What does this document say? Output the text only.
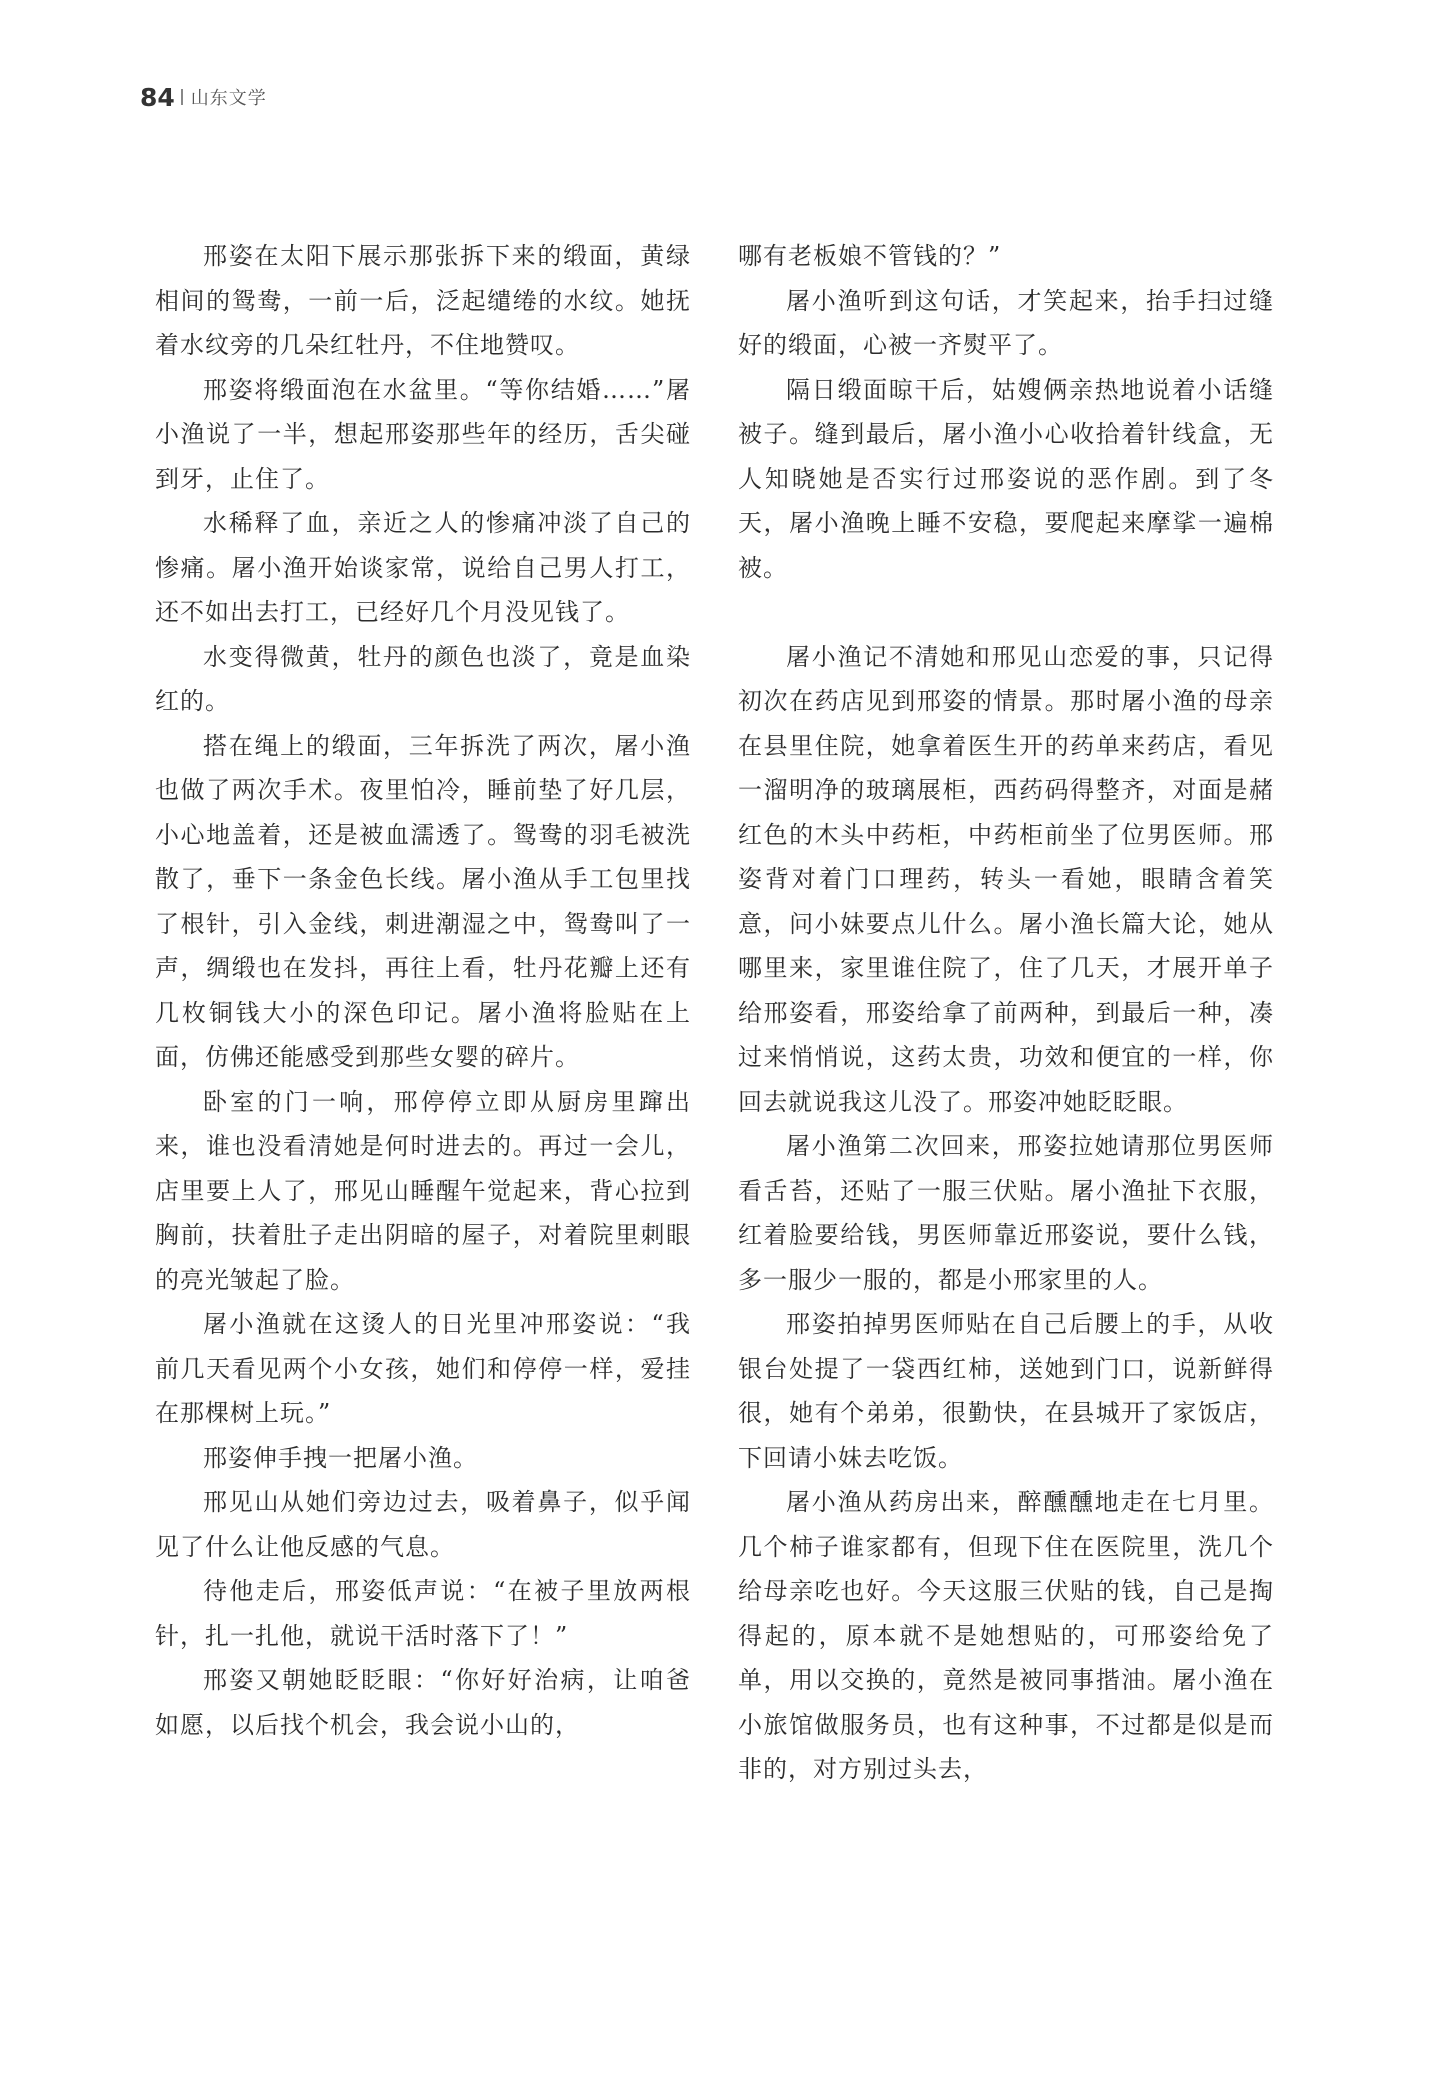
84 山东文学

邢姿在太阳下展示那张拆下来的缎面，黄绿相间的鸳鸯，一前一后，泛起缱绻的水纹。她抚着水纹旁的几朵红牡丹，不住地赞叹。

邢姿将缎面泡在水盆里。“等你结婚……”屠小渔说了一半，想起邢姿那些年的经历，舌尖碰到牙，止住了。

水稀释了血，亲近之人的惨痛冲淡了自己的惨痛。屠小渔开始谈家常，说给自己男人打工，还不如出去打工，已经好几个月没见钱了。

水变得微黄，牡丹的颜色也淡了，竟是血染红的。

搭在绳上的缎面，三年拆洗了两次，屠小渔也做了两次手术。夜里怕冷，睡前垫了好几层，小心地盖着，还是被血濡透了。鸳鸯的羽毛被洗散了，垂下一条金色长线。屠小渔从手工包里找了根针，引入金线，刺进潮湿之中，鸳鸯叫了一声，绸缎也在发抖，再往上看，牡丹花瓣上还有几枚铜钱大小的深色印记。屠小渔将脸贴在上面，仿佛还能感受到那些女婴的碎片。

卧室的门一响，邢停停立即从厨房里蹿出来，谁也没看清她是何时进去的。再过一会儿，店里要上人了，邢见山睡醒午觉起来，背心拉到胸前，扶着肚子走出阴暗的屋子，对着院里刺眼的亮光皱起了脸。

屠小渔就在这烫人的日光里冲邢姿说：“我前几天看见两个小女孩，她们和停停一样，爱挂在那棵树上玩。”

邢姿伸手拽一把屠小渔。

邢见山从她们旁边过去，吸着鼻子，似乎闻见了什么让他反感的气息。

待他走后，邢姿低声说：“在被子里放两根针，扎一扎他，就说干活时落下了！”

邢姿又朝她眨眨眼：“你好好治病，让咱爸如愿，以后找个机会，我会说小山的，

哪有老板娘不管钱的？”

屠小渔听到这句话，才笑起来，抬手扫过缝好的缎面，心被一齐熨平了。

隔日缎面晾干后，姑嫂俩亲热地说着小话缝被子。缝到最后，屠小渔小心收拾着针线盒，无人知晓她是否实行过邢姿说的恶作剧。到了冬天，屠小渔晚上睡不安稳，要爬起来摩挲一遍棉被。

屠小渔记不清她和邢见山恋爱的事，只记得初次在药店见到邢姿的情景。那时屠小渔的母亲在县里住院，她拿着医生开的药单来药店，看见一溜明净的玻璃展柜，西药码得整齐，对面是赭红色的木头中药柜，中药柜前坐了位男医师。邢姿背对着门口理药，转头一看她，眼睛含着笑意，问小妹要点儿什么。屠小渔长篇大论，她从哪里来，家里谁住院了，住了几天，才展开单子给邢姿看，邢姿给拿了前两种，到最后一种，凑过来悄悄说，这药太贵，功效和便宜的一样，你回去就说我这儿没了。邢姿冲她眨眨眼。

屠小渔第二次回来，邢姿拉她请那位男医师看舌苔，还贴了一服三伏贴。屠小渔扯下衣服，红着脸要给钱，男医师靠近邢姿说，要什么钱，多一服少一服的，都是小邢家里的人。

邢姿拍掉男医师贴在自己后腰上的手，从收银台处提了一袋西红柿，送她到门口，说新鲜得很，她有个弟弟，很勤快，在县城开了家饭店，下回请小妹去吃饭。

屠小渔从药房出来，醉醺醺地走在七月里。几个柿子谁家都有，但现下住在医院里，洗几个给母亲吃也好。今天这服三伏贴的钱，自己是掏得起的，原本就不是她想贴的，可邢姿给免了单，用以交换的，竟然是被同事揩油。屠小渔在小旅馆做服务员，也有这种事，不过都是似是而非的，对方别过头去，
